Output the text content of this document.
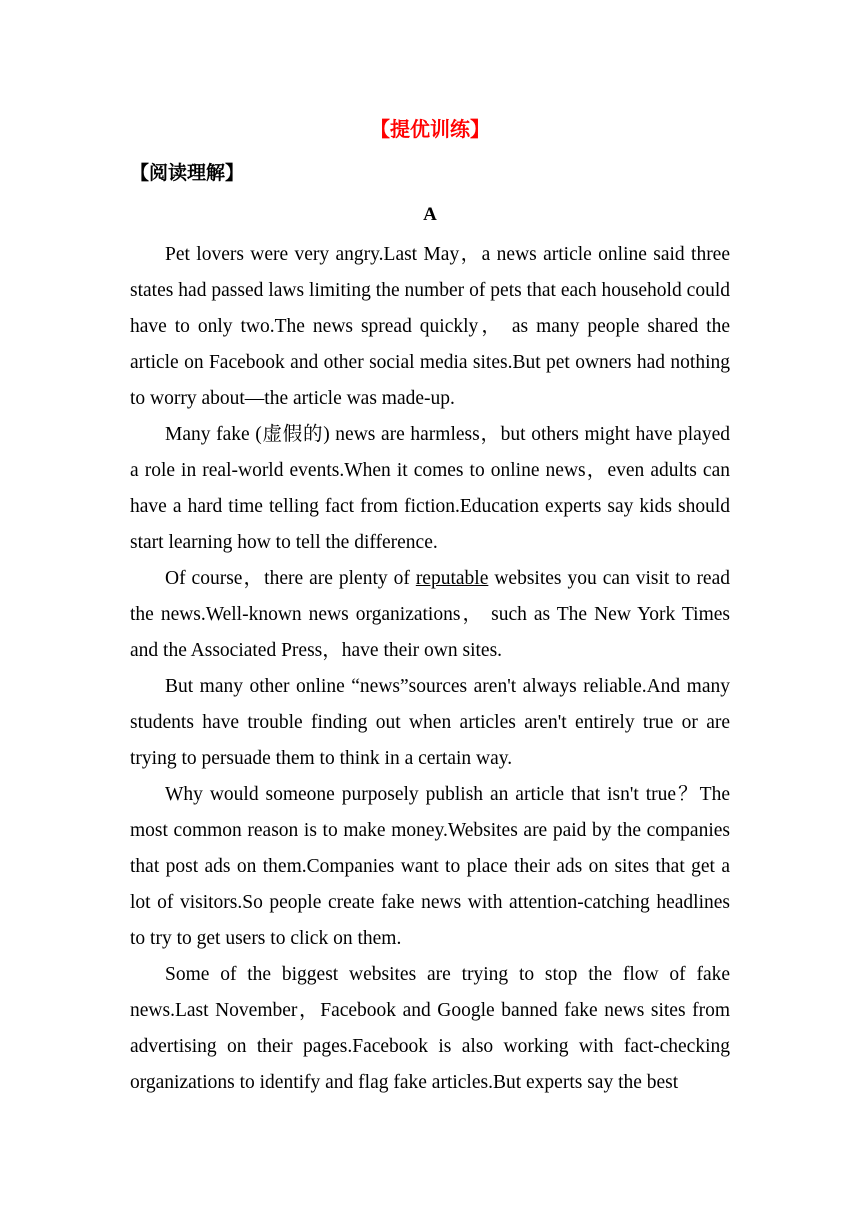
【提优训练】
【阅读理解】
A

Pet lovers were very angry.Last May，a news article online said three states had passed laws limiting the number of pets that each household could have to only two.The news spread quickly， as many people shared the article on Facebook and other social media sites.But pet owners had nothing to worry about—the article was made-up.

Many fake (虚假的) news are harmless，but others might have played a role in real-world events.When it comes to online news，even adults can have a hard time telling fact from fiction.Education experts say kids should start learning how to tell the difference.

Of course，there are plenty of reputable websites you can visit to read the news.Well-known news organizations， such as The New York Times and the Associated Press，have their own sites.

But many other online “news”sources aren't always reliable.And many students have trouble finding out when articles aren't entirely true or are trying to persuade them to think in a certain way.

Why would someone purposely publish an article that isn't true？The most common reason is to make money.Websites are paid by the companies that post ads on them.Companies want to place their ads on sites that get a lot of visitors.So people create fake news with attention-catching headlines to try to get users to click on them.

Some of the biggest websites are trying to stop the flow of fake news.Last November，Facebook and Google banned fake news sites from advertising on their pages.Facebook is also working with fact-checking organizations to identify and flag fake articles.But experts say the best
